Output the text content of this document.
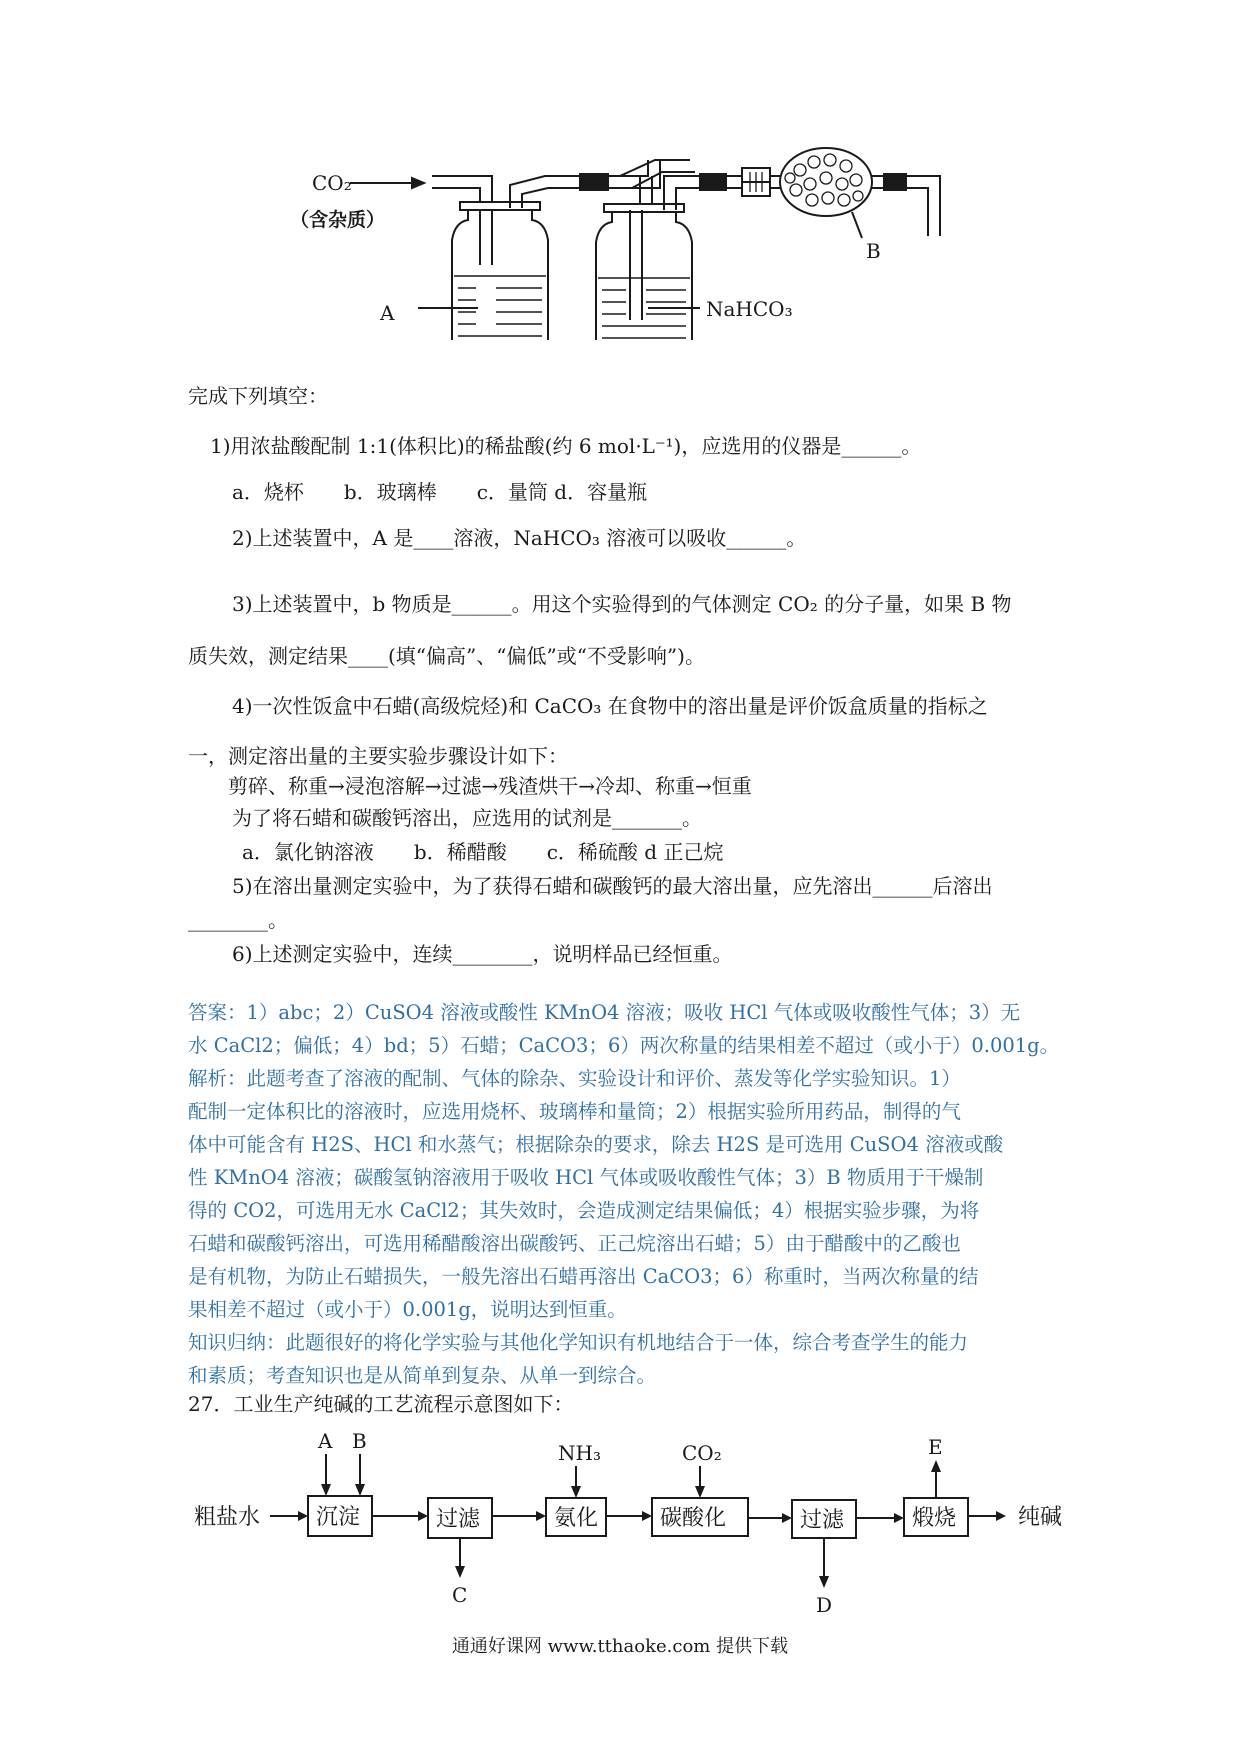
CO₂
（含杂质）
A
B
NaHCO₃
完成下列填空：
1)用浓盐酸配制 1:1(体积比)的稀盐酸(约 6 mol·L⁻¹)，应选用的仪器是______。
a．烧杯　　b．玻璃棒　　c．量筒 d．容量瓶
2)上述装置中，A 是____溶液，NaHCO₃ 溶液可以吸收______。
3)上述装置中，b 物质是______。用这个实验得到的气体测定 CO₂ 的分子量，如果 B 物
质失效，测定结果____(填“偏高”、“偏低”或“不受影响”)。
4)一次性饭盒中石蜡(高级烷烃)和 CaCO₃ 在食物中的溶出量是评价饭盒质量的指标之
一，测定溶出量的主要实验步骤设计如下：
剪碎、称重→浸泡溶解→过滤→残渣烘干→冷却、称重→恒重
为了将石蜡和碳酸钙溶出，应选用的试剂是_______。
a．氯化钠溶液　　b．稀醋酸　　c．稀硫酸 d 正己烷
5)在溶出量测定实验中，为了获得石蜡和碳酸钙的最大溶出量，应先溶出______后溶出
________。
6)上述测定实验中，连续________，说明样品已经恒重。
答案：1）abc；2）CuSO4 溶液或酸性 KMnO4 溶液；吸收 HCl 气体或吸收酸性气体；3）无
水 CaCl2；偏低；4）bd；5）石蜡；CaCO3；6）两次称量的结果相差不超过（或小于）0.001g。
解析：此题考查了溶液的配制、气体的除杂、实验设计和评价、蒸发等化学实验知识。1）
配制一定体积比的溶液时，应选用烧杯、玻璃棒和量筒；2）根据实验所用药品，制得的气
体中可能含有 H2S、HCl 和水蒸气；根据除杂的要求，除去 H2S 是可选用 CuSO4 溶液或酸
性 KMnO4 溶液；碳酸氢钠溶液用于吸收 HCl 气体或吸收酸性气体；3）B 物质用于干燥制
得的 CO2，可选用无水 CaCl2；其失效时，会造成测定结果偏低；4）根据实验步骤，为将
石蜡和碳酸钙溶出，可选用稀醋酸溶出碳酸钙、正己烷溶出石蜡；5）由于醋酸中的乙酸也
是有机物，为防止石蜡损失，一般先溶出石蜡再溶出 CaCO3；6）称重时，当两次称量的结
果相差不超过（或小于）0.001g，说明达到恒重。
知识归纳：此题很好的将化学实验与其他化学知识有机地结合于一体，综合考查学生的能力
和素质；考查知识也是从简单到复杂、从单一到综合。
27．工业生产纯碱的工艺流程示意图如下：
粗盐水	沉淀	过滤	氨化	碳酸化	过滤	煅烧	纯碱
A B	NH₃	CO₂
C	D
E
通通好课网 www.tthaoke.com 提供下载
